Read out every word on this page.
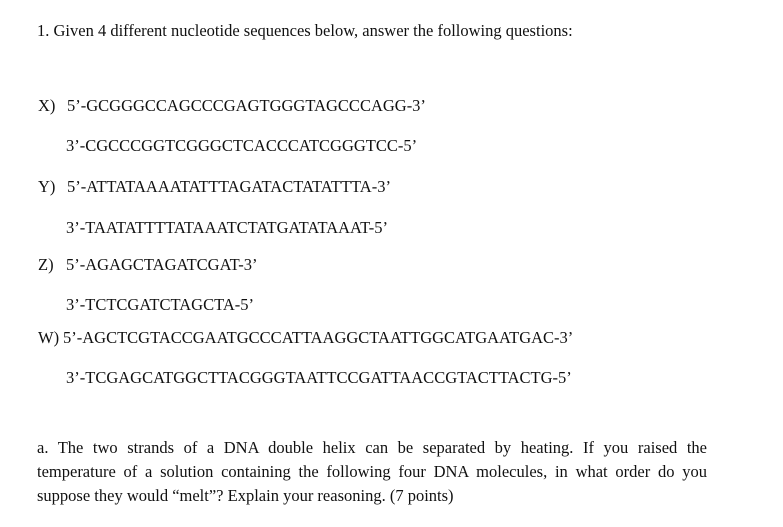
1. Given 4 different nucleotide sequences below, answer the following questions:
X) 5’-GCGGGCCAGCCCGAGTGGGTAGCCCAGG-3’
3’-CGCCCGGTCGGGCTCACCCATCGGGTCC-5’
Y) 5’-ATTATAAAATATTTAGATACTATATTTA-3’
3’-TAATATTTTATAAATCTATGATATAAAT-5’
Z) 5’-AGAGCTAGATCGAT-3’
3’-TCTCGATCTAGCTA-5’
W) 5’-AGCTCGTACCGAATGCCCATTAAGGCTAATTGGCATGAATGAC-3’
3’-TCGAGCATGGCTTACGGGTAATTCCGATTAACCGTACTTACTG-5’
a. The two strands of a DNA double helix can be separated by heating. If you raised the
temperature of a solution containing the following four DNA molecules, in what order do you
suppose they would “melt”? Explain your reasoning. (7 points)
